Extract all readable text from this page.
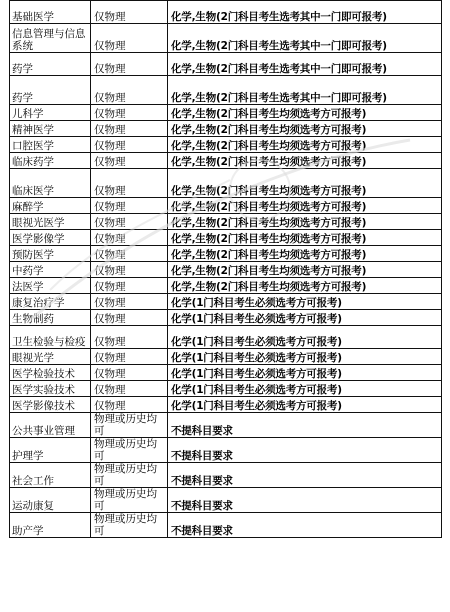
基础医学	仅物理	化学,生物(2门科目考生选考其中一门即可报考)
信息管理与信息系统	仅物理	化学,生物(2门科目考生选考其中一门即可报考)
药学	仅物理	化学,生物(2门科目考生选考其中一门即可报考)
药学	仅物理	化学,生物(2门科目考生选考其中一门即可报考)
儿科学	仅物理	化学,生物(2门科目考生均须选考方可报考)
精神医学	仅物理	化学,生物(2门科目考生均须选考方可报考)
口腔医学	仅物理	化学,生物(2门科目考生均须选考方可报考)
临床药学	仅物理	化学,生物(2门科目考生均须选考方可报考)
临床医学	仅物理	化学,生物(2门科目考生均须选考方可报考)
麻醉学	仅物理	化学,生物(2门科目考生均须选考方可报考)
眼视光医学	仅物理	化学,生物(2门科目考生均须选考方可报考)
医学影像学	仅物理	化学,生物(2门科目考生均须选考方可报考)
预防医学	仅物理	化学,生物(2门科目考生均须选考方可报考)
中药学	仅物理	化学,生物(2门科目考生均须选考方可报考)
法医学	仅物理	化学,生物(2门科目考生均须选考方可报考)
康复治疗学	仅物理	化学(1门科目考生必须选考方可报考)
生物制药	仅物理	化学(1门科目考生必须选考方可报考)
卫生检验与检疫	仅物理	化学(1门科目考生必须选考方可报考)
眼视光学	仅物理	化学(1门科目考生必须选考方可报考)
医学检验技术	仅物理	化学(1门科目考生必须选考方可报考)
医学实验技术	仅物理	化学(1门科目考生必须选考方可报考)
医学影像技术	仅物理	化学(1门科目考生必须选考方可报考)
公共事业管理	物理或历史均可	不提科目要求
护理学	物理或历史均可	不提科目要求
社会工作	物理或历史均可	不提科目要求
运动康复	物理或历史均可	不提科目要求
助产学	物理或历史均可	不提科目要求
